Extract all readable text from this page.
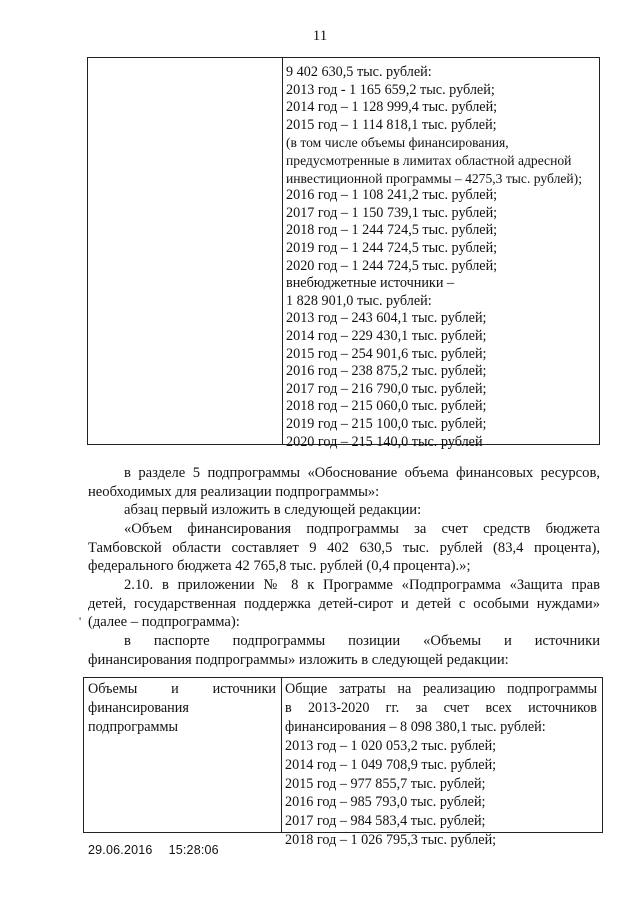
11
9 402 630,5 тыс. рублей:
2013 год - 1 165 659,2 тыс. рублей;
2014 год – 1 128 999,4 тыс. рублей;
2015 год – 1 114 818,1 тыс. рублей;
(в том числе объемы финансирования,
предусмотренные в лимитах областной адресной
инвестиционной программы – 4275,3 тыс. рублей);
2016 год – 1 108 241,2 тыс. рублей;
2017 год – 1 150 739,1 тыс. рублей;
2018 год – 1 244 724,5 тыс. рублей;
2019 год – 1 244 724,5 тыс. рублей;
2020 год – 1 244 724,5 тыс. рублей;
внебюджетные источники –
1 828 901,0 тыс. рублей:
2013 год – 243 604,1 тыс. рублей;
2014 год – 229 430,1 тыс. рублей;
2015 год – 254 901,6 тыс. рублей;
2016 год – 238 875,2 тыс. рублей;
2017 год – 216 790,0 тыс. рублей;
2018 год – 215 060,0 тыс. рублей;
2019 год – 215 100,0 тыс. рублей;
2020 год – 215 140,0 тыс. рублей
в разделе 5 подпрограммы «Обоснование объема финансовых ресурсов,
необходимых для реализации подпрограммы»:
абзац первый изложить в следующей редакции:
«Объем финансирования подпрограммы за счет средств бюджета
Тамбовской области составляет 9 402 630,5 тыс. рублей (83,4 процента),
федерального бюджета 42 765,8 тыс. рублей (0,4 процента).»;
2.10. в приложении № 8 к Программе «Подпрограмма «Защита прав
детей, государственная поддержка детей-сирот и детей с особыми нуждами»
(далее – подпрограмма):
'
в паспорте подпрограммы позиции «Объемы и источники
финансирования подпрограммы» изложить в следующей редакции:
Объемы и источники
финансирования
подпрограммы
Общие затраты на реализацию подпрограммы
в 2013-2020 гг. за счет всех источников
финансирования – 8 098 380,1 тыс. рублей:
2013 год – 1 020 053,2 тыс. рублей;
2014 год – 1 049 708,9 тыс. рублей;
2015 год – 977 855,7 тыс. рублей;
2016 год – 985 793,0 тыс. рублей;
2017 год – 984 583,4 тыс. рублей;
2018 год – 1 026 795,3 тыс. рублей;
29.06.2016 15:28:06
